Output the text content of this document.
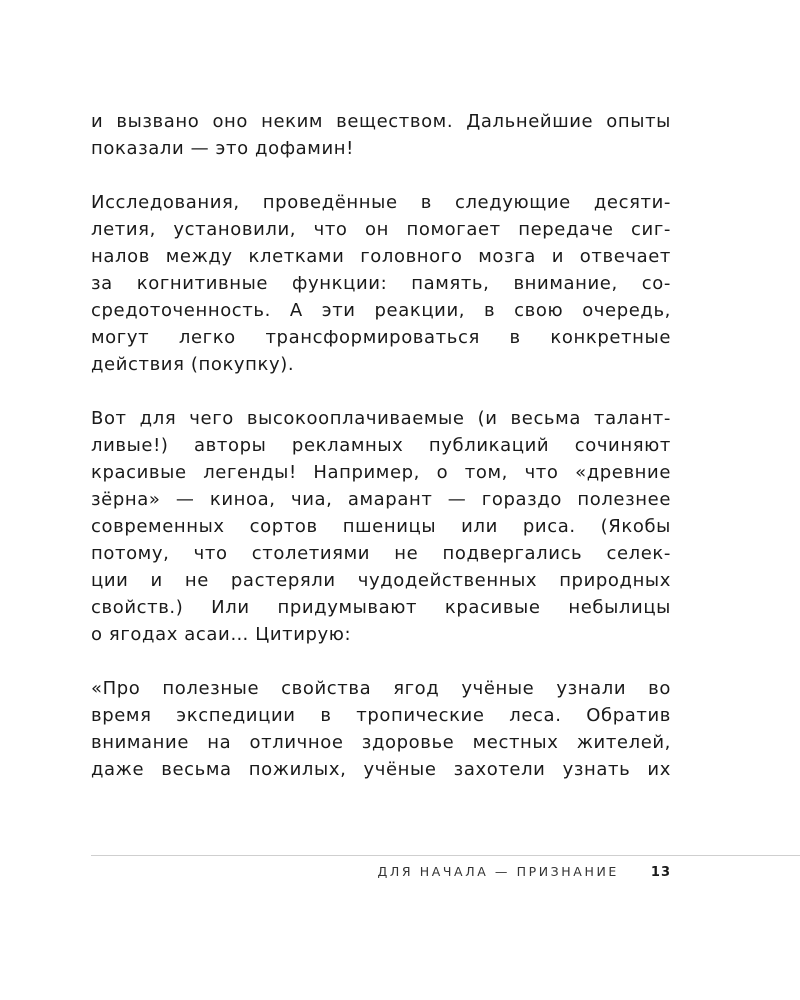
и вызвано оно неким веществом. Дальнейшие опыты
показали — это дофамин!
Исследования, проведённые в следующие десяти-
летия, установили, что он помогает передаче сиг-
налов между клетками головного мозга и отвечает
за когнитивные функции: память, внимание, со-
средоточенность. А эти реакции, в свою очередь,
могут легко трансформироваться в конкретные
действия (покупку).
Вот для чего высокооплачиваемые (и весьма талант-
ливые!) авторы рекламных публикаций сочиняют
красивые легенды! Например, о том, что «древние
зёрна» — киноа, чиа, амарант — гораздо полезнее
современных сортов пшеницы или риса. (Якобы
потому, что столетиями не подвергались селек-
ции и не растеряли чудодейственных природных
свойств.) Или придумывают красивые небылицы
о ягодах асаи… Цитирую:
«Про полезные свойства ягод учёные узнали во
время экспедиции в тропические леса. Обратив
внимание на отличное здоровье местных жителей,
даже весьма пожилых, учёные захотели узнать их
ДЛЯ НАЧАЛА — ПРИЗНАНИЕ 13
